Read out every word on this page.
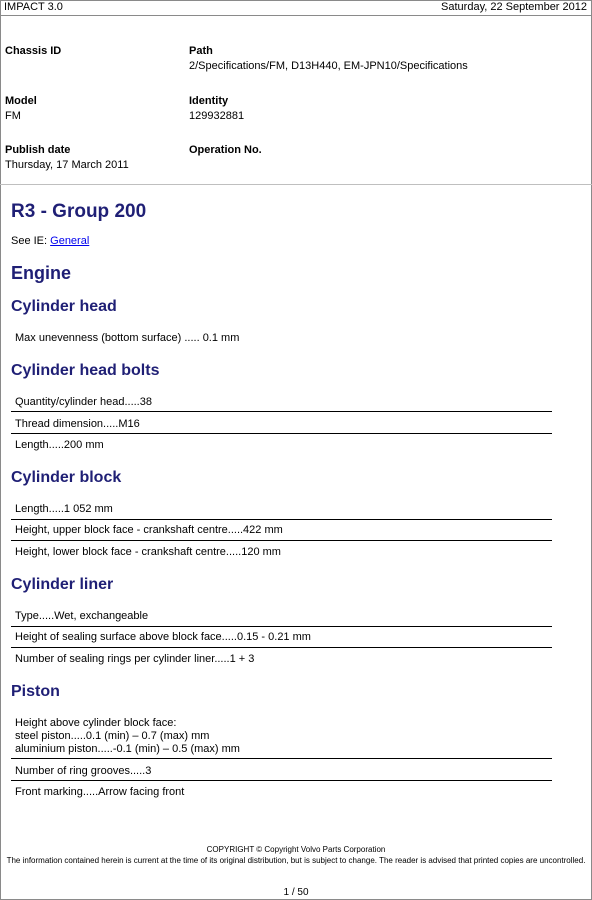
IMPACT 3.0	Saturday, 22 September 2012
Chassis ID	Path
2/Specifications/FM, D13H440, EM-JPN10/Specifications
Model
FM
Identity
129932881
Publish date
Thursday, 17 March 2011
Operation No.
R3 - Group 200
See IE: General
Engine
Cylinder head
Max unevenness (bottom surface) ..... 0.1 mm
Cylinder head bolts
Quantity/cylinder head.....38
Thread dimension.....M16
Length.....200 mm
Cylinder block
Length.....1 052 mm
Height, upper block face - crankshaft centre.....422 mm
Height, lower block face - crankshaft centre.....120 mm
Cylinder liner
Type.....Wet, exchangeable
Height of sealing surface above block face.....0.15 - 0.21 mm
Number of sealing rings per cylinder liner.....1 + 3
Piston
Height above cylinder block face:
steel piston.....0.1 (min) – 0.7 (max) mm
aluminium piston.....-0.1 (min) – 0.5 (max) mm
Number of ring grooves.....3
Front marking.....Arrow facing front
COPYRIGHT © Copyright Volvo Parts Corporation
The information contained herein is current at the time of its original distribution, but is subject to change. The reader is advised that printed copies are uncontrolled.
1 / 50
